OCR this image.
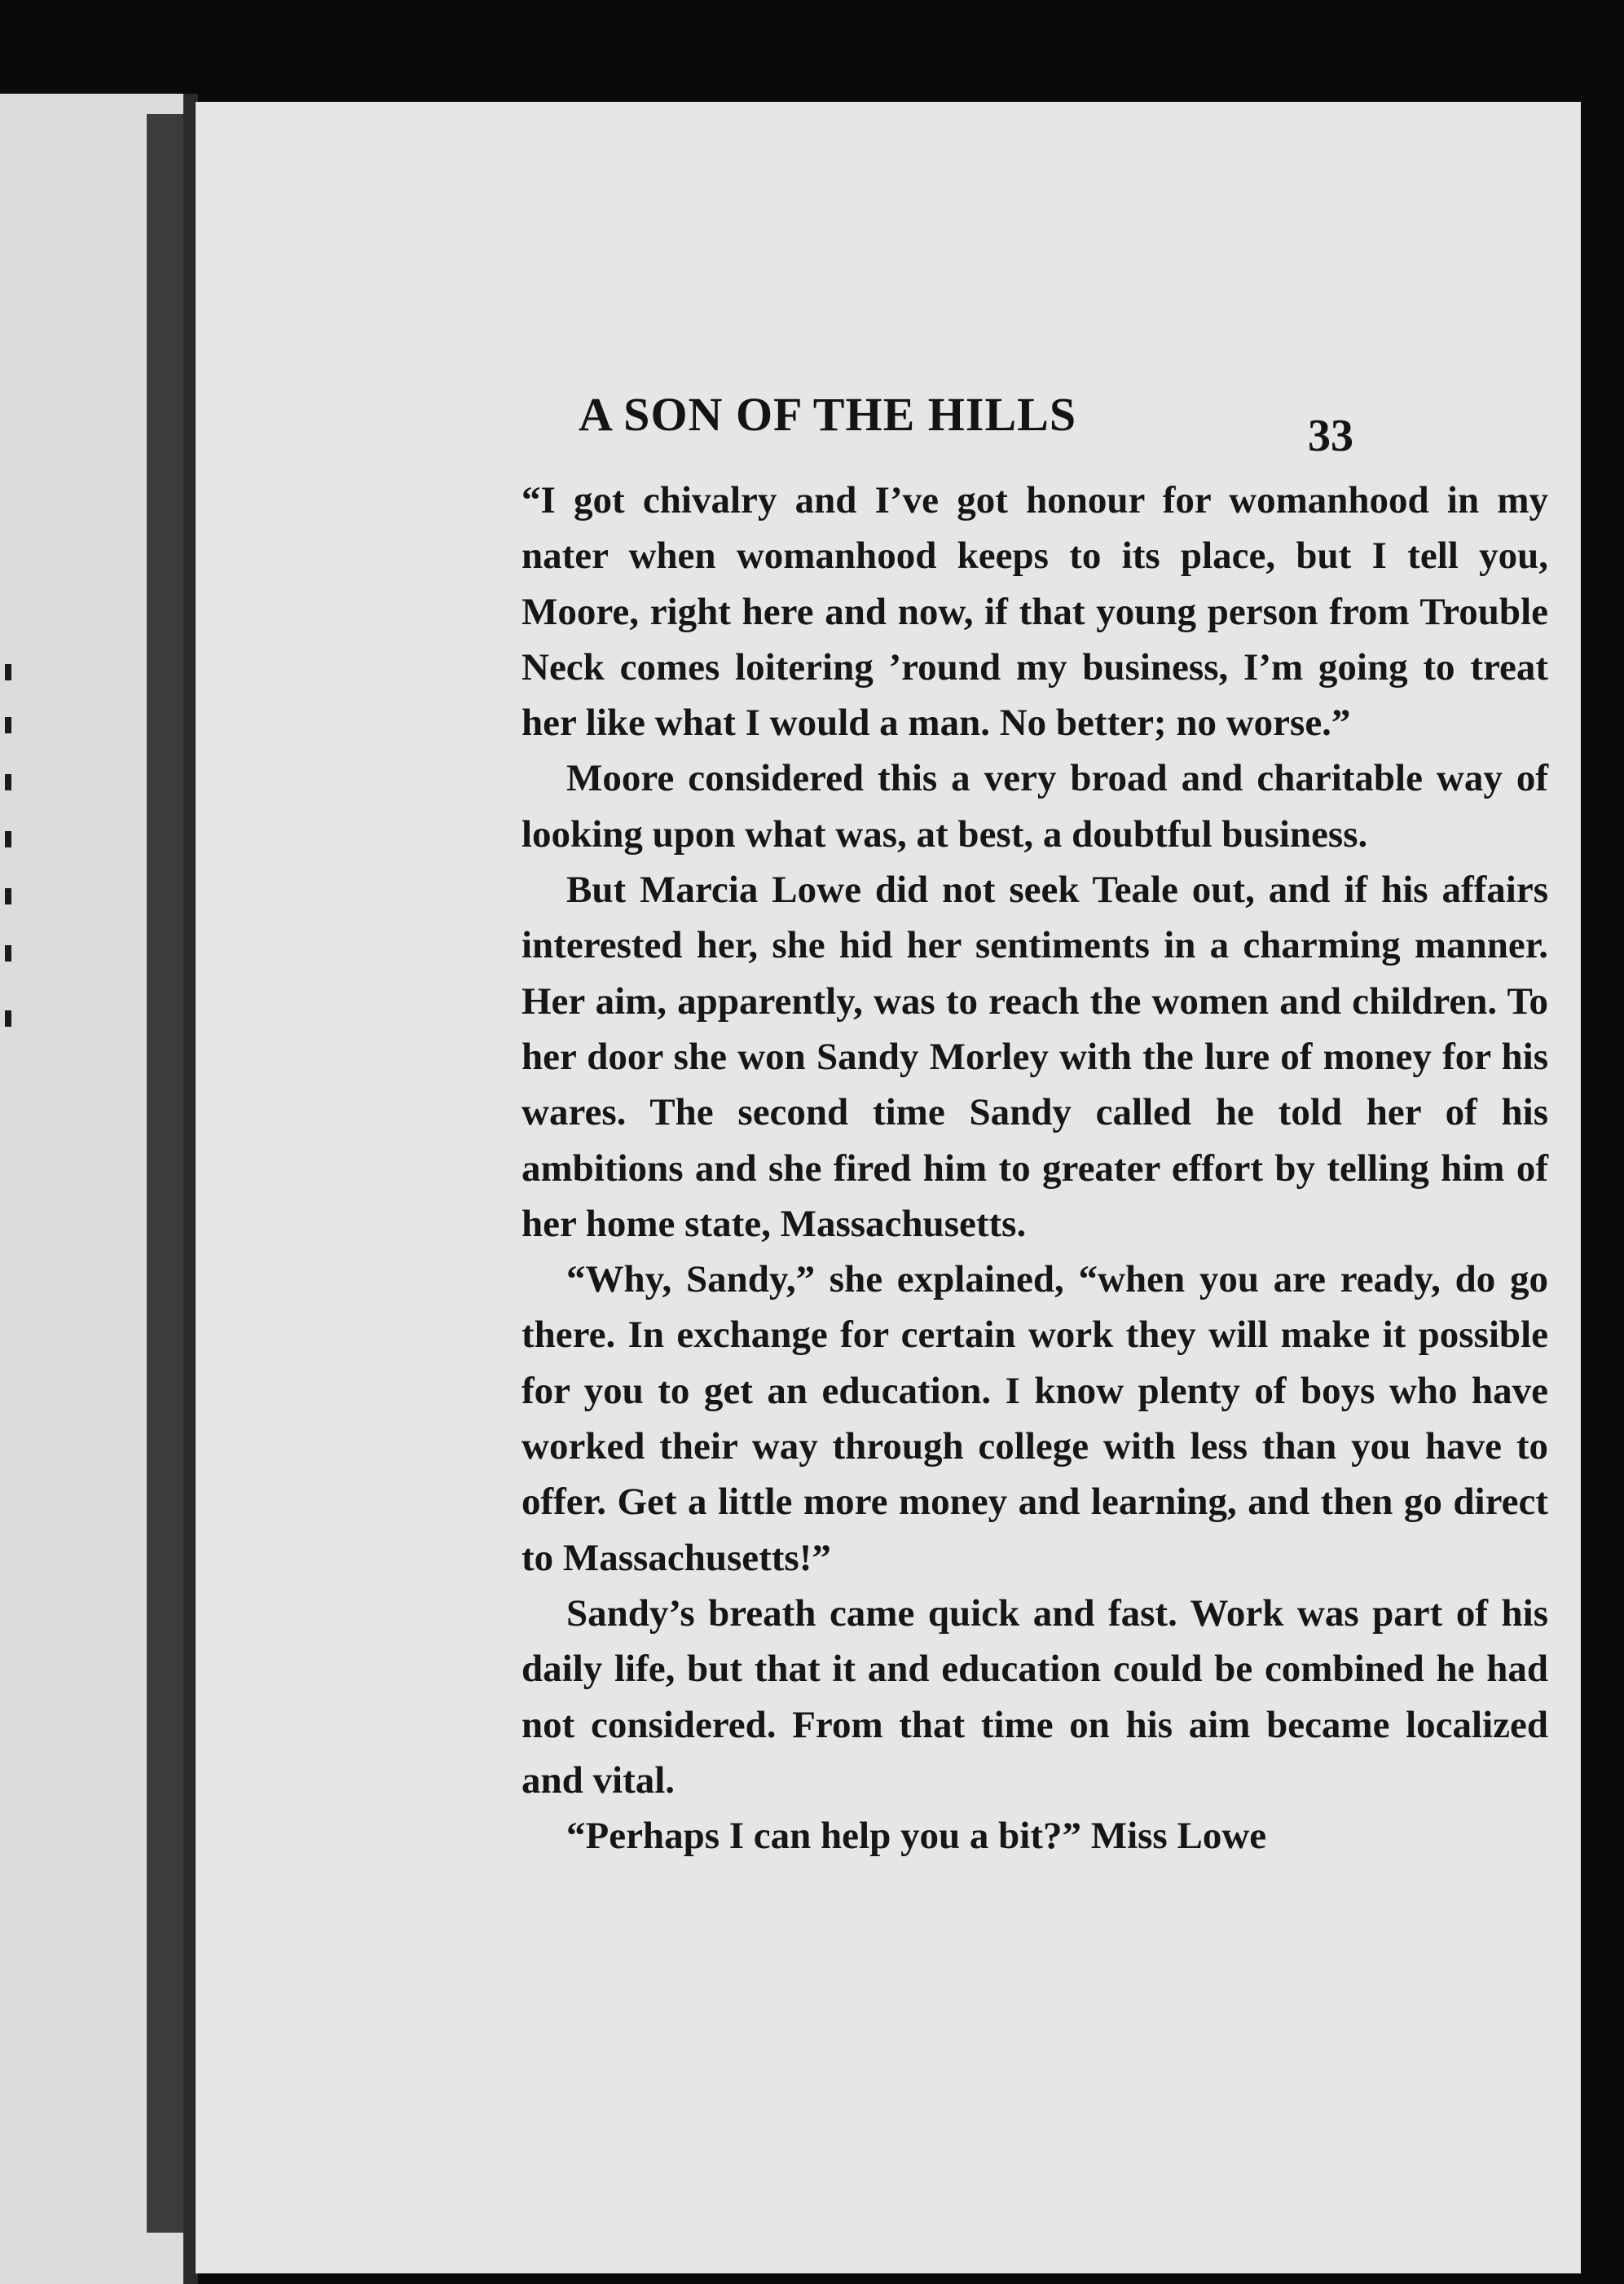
A SON OF THE HILLS	33

“I got chivalry and I’ve got honour for womanhood in my nater when womanhood keeps to its place, but I tell you, Moore, right here and now, if that young person from Trouble Neck comes loitering ’round my business, I’m going to treat her like what I would a man. No better; no worse.”

Moore considered this a very broad and charitable way of looking upon what was, at best, a doubtful business.

But Marcia Lowe did not seek Teale out, and if his affairs interested her, she hid her sentiments in a charming manner. Her aim, apparently, was to reach the women and children. To her door she won Sandy Morley with the lure of money for his wares. The second time Sandy called he told her of his ambitions and she fired him to greater effort by telling him of her home state, Massachusetts.

“Why, Sandy,” she explained, “when you are ready, do go there. In exchange for certain work they will make it possible for you to get an education. I know plenty of boys who have worked their way through college with less than you have to offer. Get a little more money and learning, and then go direct to Massachusetts!”

Sandy’s breath came quick and fast. Work was part of his daily life, but that it and education could be combined he had not considered. From that time on his aim became localized and vital.

“Perhaps I can help you a bit?” Miss Lowe
